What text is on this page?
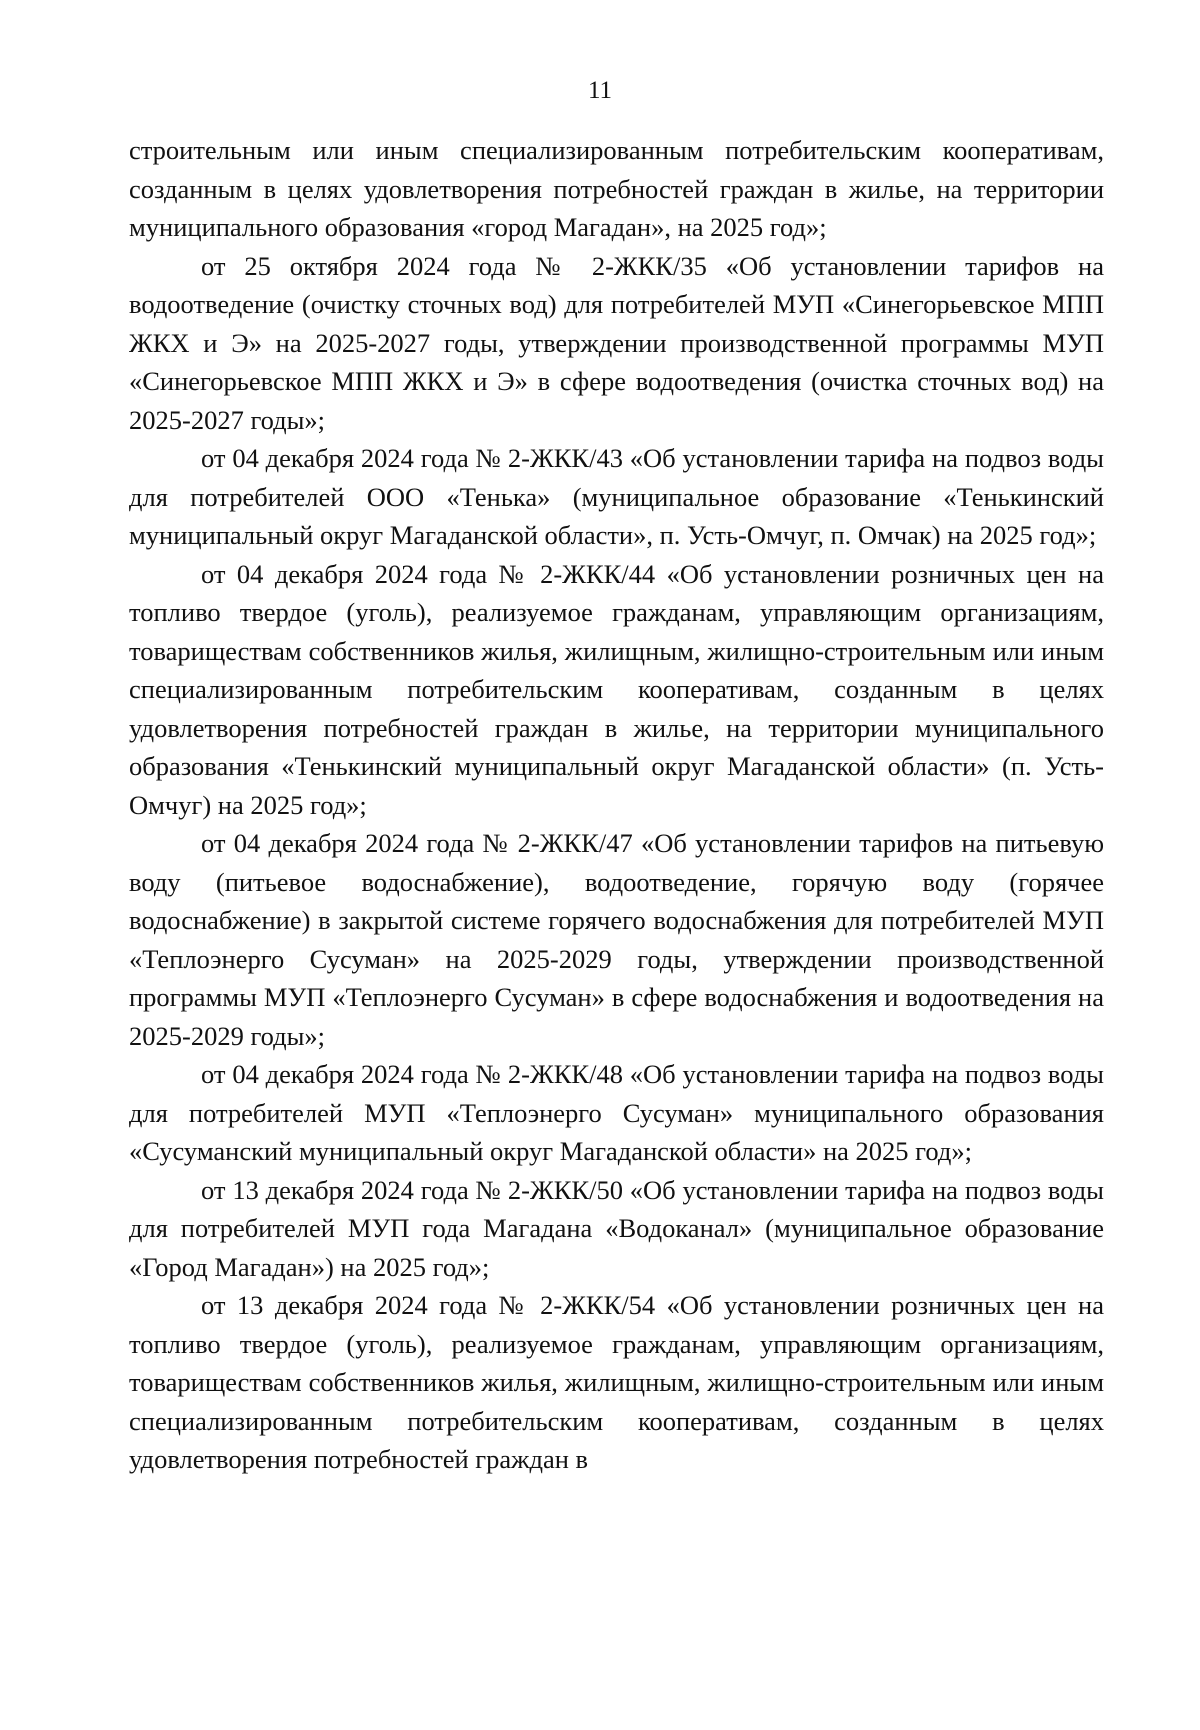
11

строительным или иным специализированным потребительским кооперативам, созданным в целях удовлетворения потребностей граждан в жилье, на территории муниципального образования «город Магадан», на 2025 год»;

от 25 октября 2024 года № 2-ЖКК/35 «Об установлении тарифов на водоотведение (очистку сточных вод) для потребителей МУП «Синегорьевское МПП ЖКХ и Э» на 2025-2027 годы, утверждении производственной программы МУП «Синегорьевское МПП ЖКХ и Э» в сфере водоотведения (очистка сточных вод) на 2025-2027 годы»;

от 04 декабря 2024 года № 2-ЖКК/43 «Об установлении тарифа на подвоз воды для потребителей ООО «Тенька» (муниципальное образование «Тенькинский муниципальный округ Магаданской области», п. Усть-Омчуг, п. Омчак) на 2025 год»;

от 04 декабря 2024 года № 2-ЖКК/44 «Об установлении розничных цен на топливо твердое (уголь), реализуемое гражданам, управляющим организациям, товариществам собственников жилья, жилищным, жилищно-строительным или иным специализированным потребительским кооперативам, созданным в целях удовлетворения потребностей граждан в жилье, на территории муниципального образования «Тенькинский муниципальный округ Магаданской области» (п. Усть-Омчуг) на 2025 год»;

от 04 декабря 2024 года № 2-ЖКК/47 «Об установлении тарифов на питьевую воду (питьевое водоснабжение), водоотведение, горячую воду (горячее водоснабжение) в закрытой системе горячего водоснабжения для потребителей МУП «Теплоэнерго Сусуман» на 2025-2029 годы, утверждении производственной программы МУП «Теплоэнерго Сусуман» в сфере водоснабжения и водоотведения на 2025-2029 годы»;

от 04 декабря 2024 года № 2-ЖКК/48 «Об установлении тарифа на подвоз воды для потребителей МУП «Теплоэнерго Сусуман» муниципального образования «Сусуманский муниципальный округ Магаданской области» на 2025 год»;

от 13 декабря 2024 года № 2-ЖКК/50 «Об установлении тарифа на подвоз воды для потребителей МУП года Магадана «Водоканал» (муниципальное образование «Город Магадан») на 2025 год»;

от 13 декабря 2024 года № 2-ЖКК/54 «Об установлении розничных цен на топливо твердое (уголь), реализуемое гражданам, управляющим организациям, товариществам собственников жилья, жилищным, жилищно-строительным или иным специализированным потребительским кооперативам, созданным в целях удовлетворения потребностей граждан в
